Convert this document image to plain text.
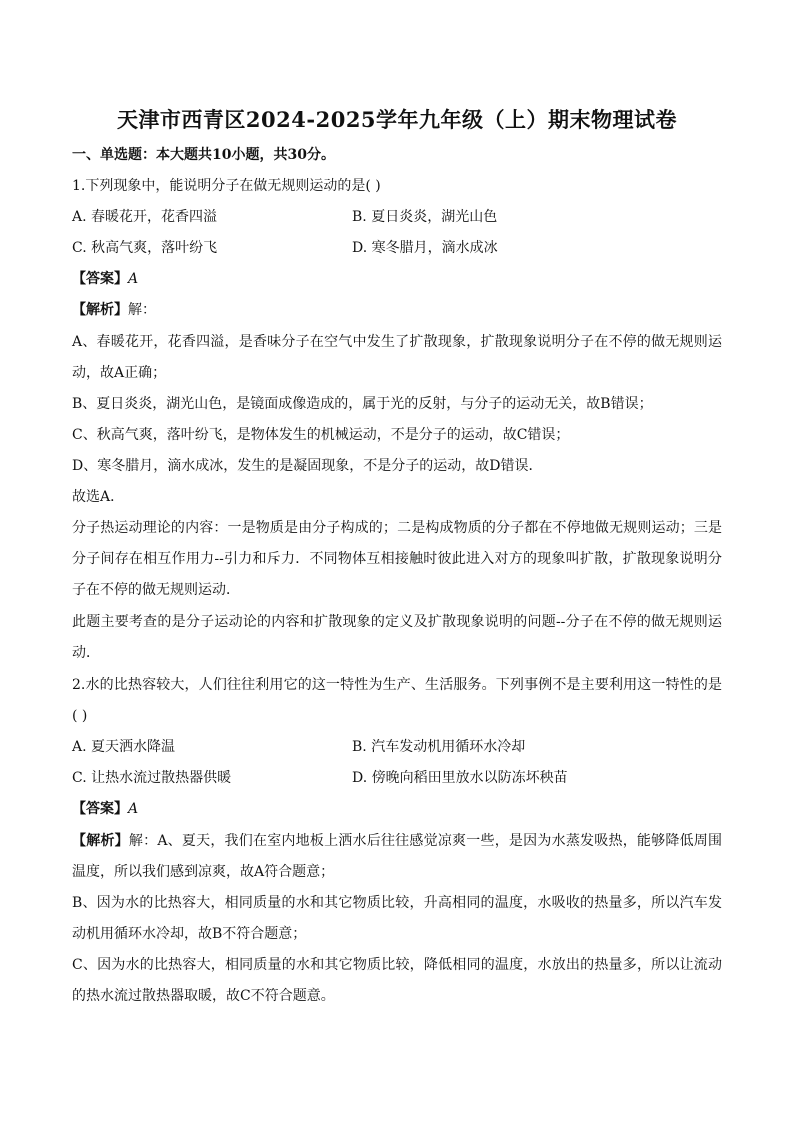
天津市西青区2024-2025学年九年级（上）期末物理试卷
一、单选题：本大题共10小题，共30分。
1.下列现象中，能说明分子在做无规则运动的是( )
A. 春暖花开，花香四溢	B. 夏日炎炎，湖光山色
C. 秋高气爽，落叶纷飞	D. 寒冬腊月，滴水成冰
【答案】A
【解析】解：
A、春暖花开，花香四溢，是香味分子在空气中发生了扩散现象，扩散现象说明分子在不停的做无规则运
动，故A正确；
B、夏日炎炎，湖光山色，是镜面成像造成的，属于光的反射，与分子的运动无关，故B错误；
C、秋高气爽，落叶纷飞，是物体发生的机械运动，不是分子的运动，故C错误；
D、寒冬腊月，滴水成冰，发生的是凝固现象，不是分子的运动，故D错误．
故选A．
分子热运动理论的内容：一是物质是由分子构成的；二是构成物质的分子都在不停地做无规则运动；三是
分子间存在相互作用力--引力和斥力．不同物体互相接触时彼此进入对方的现象叫扩散，扩散现象说明分
子在不停的做无规则运动．
此题主要考查的是分子运动论的内容和扩散现象的定义及扩散现象说明的问题--分子在不停的做无规则运
动．
2.水的比热容较大，人们往往利用它的这一特性为生产、生活服务。下列事例不是主要利用这一特性的是
( )
A. 夏天洒水降温	B. 汽车发动机用循环水冷却
C. 让热水流过散热器供暖	D. 傍晚向稻田里放水以防冻坏秧苗
【答案】A
【解析】解：A、夏天，我们在室内地板上洒水后往往感觉凉爽一些，是因为水蒸发吸热，能够降低周围
温度，所以我们感到凉爽，故A符合题意；
B、因为水的比热容大，相同质量的水和其它物质比较，升高相同的温度，水吸收的热量多，所以汽车发
动机用循环水冷却，故B不符合题意；
C、因为水的比热容大，相同质量的水和其它物质比较，降低相同的温度，水放出的热量多，所以让流动
的热水流过散热器取暖，故C不符合题意。
